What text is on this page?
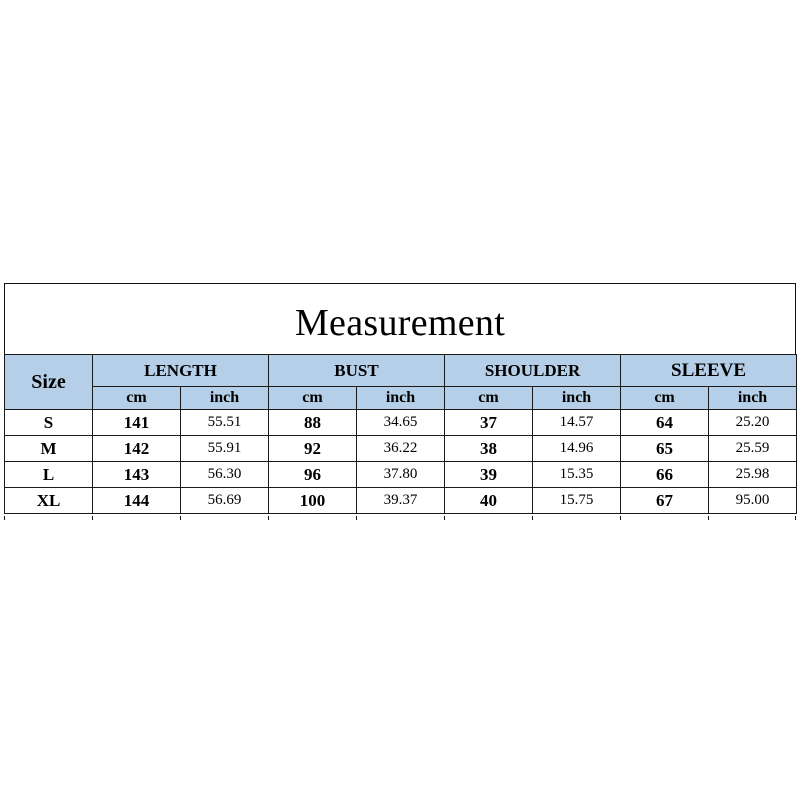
Measurement
Size	LENGTH		BUST		SHOULDER		SLEEVE	
	cm	inch	cm	inch	cm	inch	cm	inch
S	141	55.51	88	34.65	37	14.57	64	25.20
M	142	55.91	92	36.22	38	14.96	65	25.59
L	143	56.30	96	37.80	39	15.35	66	25.98
XL	144	56.69	100	39.37	40	15.75	67	95.00
